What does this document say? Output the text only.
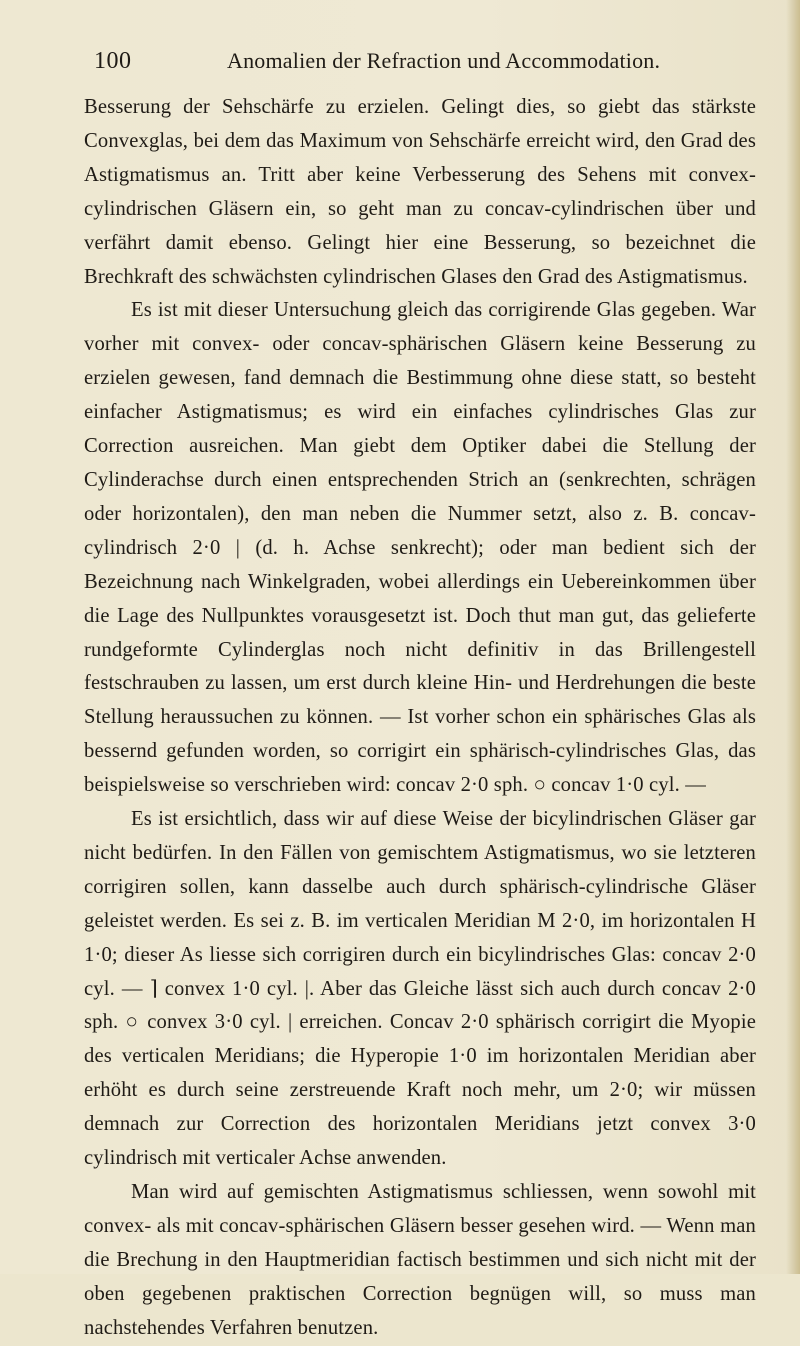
100	Anomalien der Refraction und Accommodation.

Besserung der Sehschärfe zu erzielen. Gelingt dies, so giebt das stärkste Convexglas, bei dem das Maximum von Sehschärfe erreicht wird, den Grad des Astigmatismus an. Tritt aber keine Verbesserung des Sehens mit convex-cylindrischen Gläsern ein, so geht man zu concav-cylindrischen über und verfährt damit ebenso. Gelingt hier eine Besserung, so bezeichnet die Brechkraft des schwächsten cylindrischen Glases den Grad des Astigmatismus.

Es ist mit dieser Untersuchung gleich das corrigirende Glas gegeben. War vorher mit convex- oder concav-sphärischen Gläsern keine Besserung zu erzielen gewesen, fand demnach die Bestimmung ohne diese statt, so besteht einfacher Astigmatismus; es wird ein einfaches cylindrisches Glas zur Correction ausreichen. Man giebt dem Optiker dabei die Stellung der Cylinderachse durch einen entsprechenden Strich an (senkrechten, schrägen oder horizontalen), den man neben die Nummer setzt, also z. B. concav-cylindrisch 2·0 | (d. h. Achse senkrecht); oder man bedient sich der Bezeichnung nach Winkelgraden, wobei allerdings ein Uebereinkommen über die Lage des Nullpunktes vorausgesetzt ist. Doch thut man gut, das gelieferte rundgeformte Cylinderglas noch nicht definitiv in das Brillengestell festschrauben zu lassen, um erst durch kleine Hin- und Herdrehungen die beste Stellung heraussuchen zu können. — Ist vorher schon ein sphärisches Glas als bessernd gefunden worden, so corrigirt ein sphärisch-cylindrisches Glas, das beispielsweise so verschrieben wird: concav 2·0 sph. ○ concav 1·0 cyl. —

Es ist ersichtlich, dass wir auf diese Weise der bicylindrischen Gläser gar nicht bedürfen. In den Fällen von gemischtem Astigmatismus, wo sie letzteren corrigiren sollen, kann dasselbe auch durch sphärisch-cylindrische Gläser geleistet werden. Es sei z. B. im verticalen Meridian M 2·0, im horizontalen H 1·0; dieser As liesse sich corrigiren durch ein bicylindrisches Glas: concav 2·0 cyl. — ⌉ convex 1·0 cyl. |. Aber das Gleiche lässt sich auch durch concav 2·0 sph. ○ convex 3·0 cyl. | erreichen. Concav 2·0 sphärisch corrigirt die Myopie des verticalen Meridians; die Hyperopie 1·0 im horizontalen Meridian aber erhöht es durch seine zerstreuende Kraft noch mehr, um 2·0; wir müssen demnach zur Correction des horizontalen Meridians jetzt convex 3·0 cylindrisch mit verticaler Achse anwenden.

Man wird auf gemischten Astigmatismus schliessen, wenn sowohl mit convex- als mit concav-sphärischen Gläsern besser gesehen wird. — Wenn man die Brechung in den Hauptmeridian factisch bestimmen und sich nicht mit der oben gegebenen praktischen Correction begnügen will, so muss man nachstehendes Verfahren benutzen.
